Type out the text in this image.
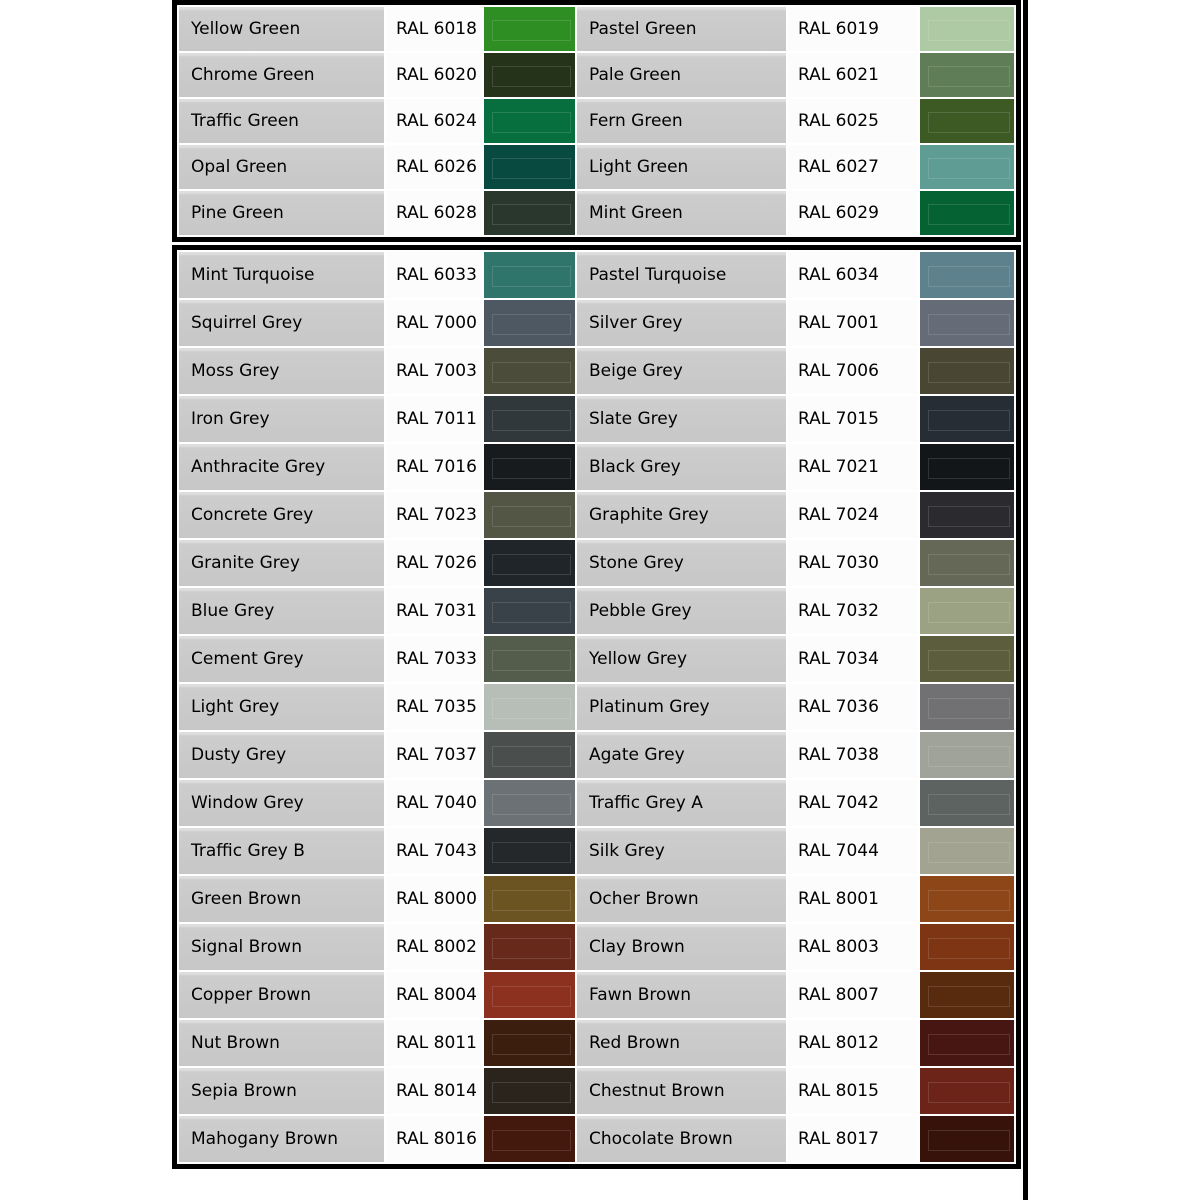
Yellow Green	RAL 6018		Pastel Green	RAL 6019	

Chrome Green	RAL 6020		Pale Green	RAL 6021	

Traffic Green	RAL 6024		Fern Green	RAL 6025	

Opal Green	RAL 6026		Light Green	RAL 6027	

Pine Green	RAL 6028		Mint Green	RAL 6029	
Mint Turquoise	RAL 6033		Pastel Turquoise	RAL 6034	

Squirrel Grey	RAL 7000		Silver Grey	RAL 7001	

Moss Grey	RAL 7003		Beige Grey	RAL 7006	

Iron Grey	RAL 7011		Slate Grey	RAL 7015	

Anthracite Grey	RAL 7016		Black Grey	RAL 7021	

Concrete Grey	RAL 7023		Graphite Grey	RAL 7024	

Granite Grey	RAL 7026		Stone Grey	RAL 7030	

Blue Grey	RAL 7031		Pebble Grey	RAL 7032	

Cement Grey	RAL 7033		Yellow Grey	RAL 7034	

Light Grey	RAL 7035		Platinum Grey	RAL 7036	

Dusty Grey	RAL 7037		Agate Grey	RAL 7038	

Window Grey	RAL 7040		Traffic Grey A	RAL 7042	

Traffic Grey B	RAL 7043		Silk Grey	RAL 7044	

Green Brown	RAL 8000		Ocher Brown	RAL 8001	

Signal Brown	RAL 8002		Clay Brown	RAL 8003	

Copper Brown	RAL 8004		Fawn Brown	RAL 8007	

Nut Brown	RAL 8011		Red Brown	RAL 8012	

Sepia Brown	RAL 8014		Chestnut Brown	RAL 8015	

Mahogany Brown	RAL 8016		Chocolate Brown	RAL 8017	
